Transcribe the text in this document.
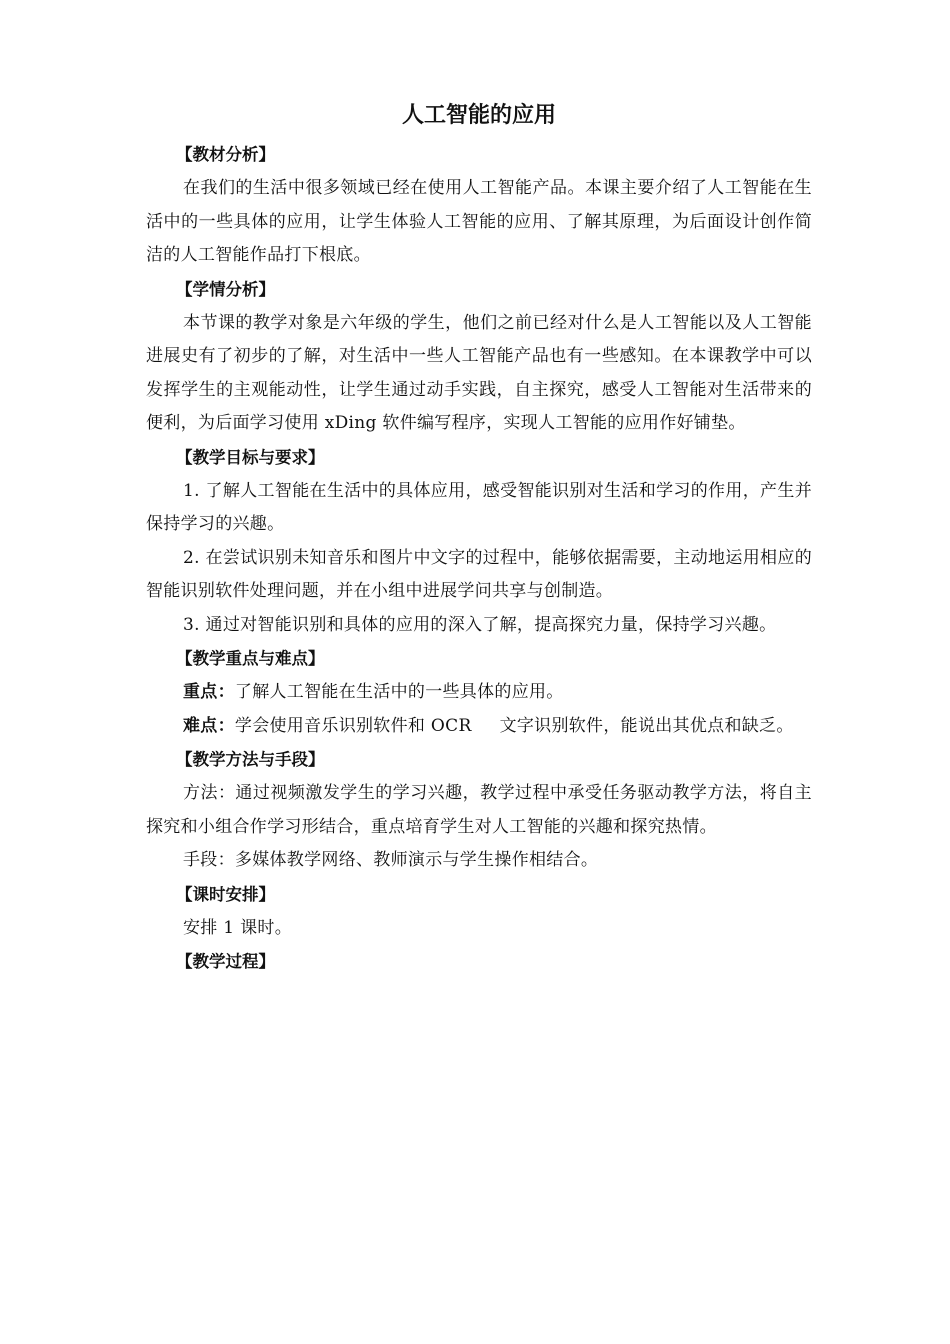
人工智能的应用
【教材分析】

在我们的生活中很多领域已经在使用人工智能产品。本课主要介绍了人工智能在生活中的一些具体的应用，让学生体验人工智能的应用、了解其原理，为后面设计创作简洁的人工智能作品打下根底。

【学情分析】

本节课的教学对象是六年级的学生，他们之前已经对什么是人工智能以及人工智能进展史有了初步的了解，对生活中一些人工智能产品也有一些感知。在本课教学中可以发挥学生的主观能动性，让学生通过动手实践，自主探究，感受人工智能对生活带来的便利，为后面学习使用 xDing 软件编写程序，实现人工智能的应用作好铺垫。

【教学目标与要求】

1. 了解人工智能在生活中的具体应用，感受智能识别对生活和学习的作用，产生并保持学习的兴趣。

2. 在尝试识别未知音乐和图片中文字的过程中，能够依据需要，主动地运用相应的智能识别软件处理问题，并在小组中进展学问共享与创制造。

3. 通过对智能识别和具体的应用的深入了解，提高探究力量，保持学习兴趣。

【教学重点与难点】

重点：了解人工智能在生活中的一些具体的应用。

难点：学会使用音乐识别软件和 OCR 文字识别软件，能说出其优点和缺乏。

【教学方法与手段】

方法：通过视频激发学生的学习兴趣，教学过程中承受任务驱动教学方法，将自主探究和小组合作学习形结合，重点培育学生对人工智能的兴趣和探究热情。

手段：多媒体教学网络、教师演示与学生操作相结合。

【课时安排】

安排 1 课时。

【教学过程】
